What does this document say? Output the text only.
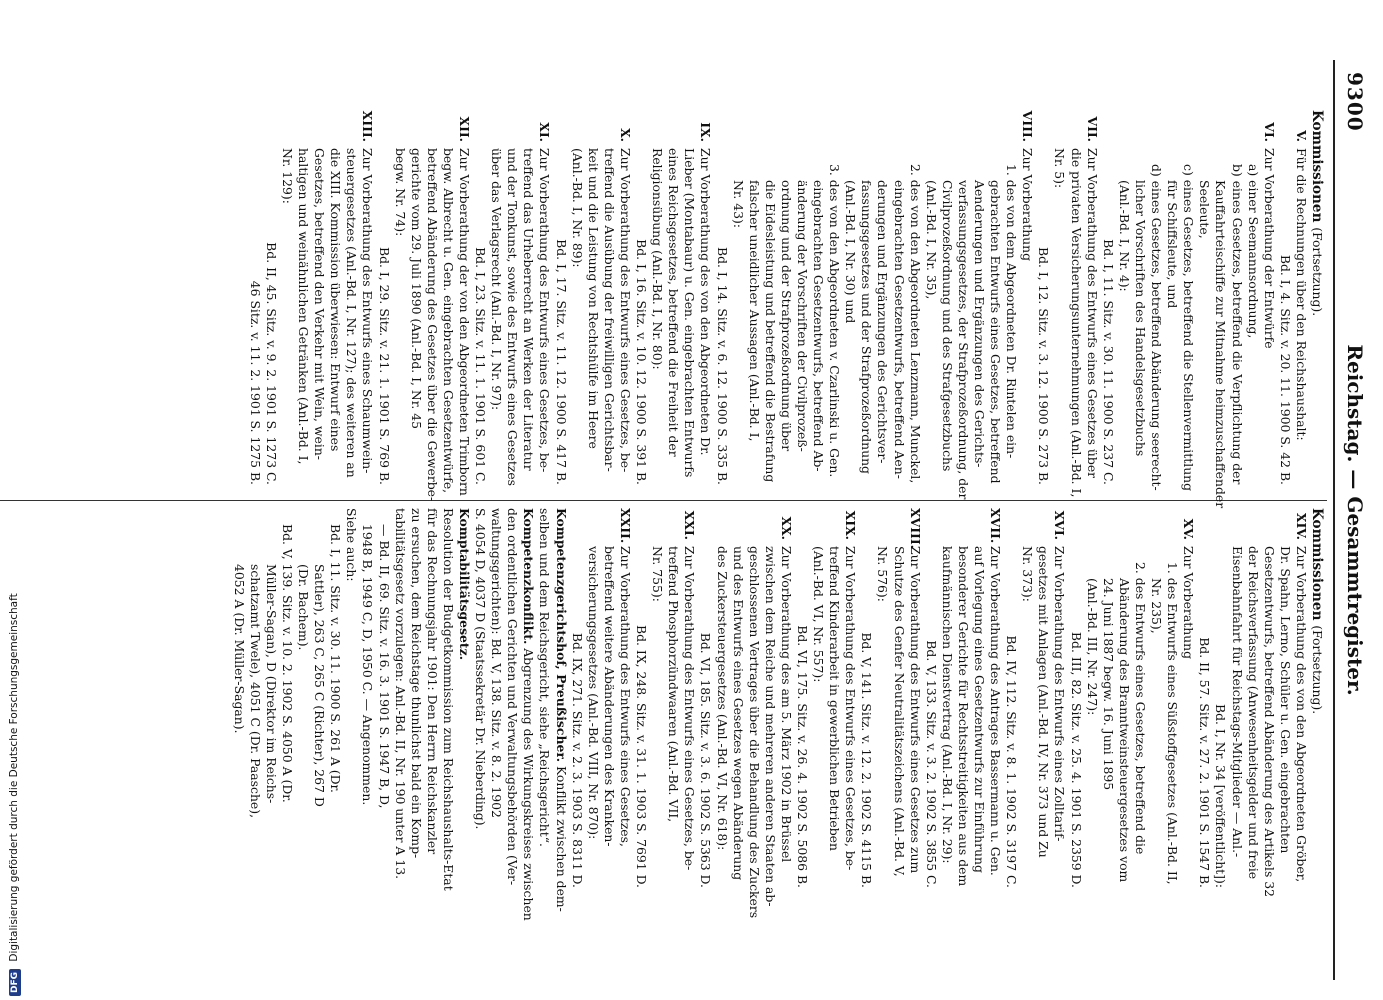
9300
Reichstag. — Gesammtregister.
Kommissionen (Fortsetzung).
V.
Für die Rechnungen über den Reichshaushalt:
Bd. I, 4. Sitz. v. 20. 11. 1900 S. 42 B.
VI.
Zur Vorberathung der Entwürfe
a) einer Seemannsordnung,
b) eines Gesetzes, betreffend die Verpflichtung der
Kauffahrteischiffe zur Mitnahme heimzuschaffender
Seeleute,
c) eines Gesetzes, betreffend die Stellenvermittlung
für Schiffsleute, und
d) eines Gesetzes, betreffend Abänderung seerecht-
licher Vorschriften des Handelsgesetzbuchs
(Anl.-Bd. I, Nr. 4):
Bd. I, 11. Sitz. v. 30. 11. 1900 S. 237 C.
VII.
Zur Vorberathung des Entwurfs eines Gesetzes über
die privaten Versicherungsunternehmungen (Anl.-Bd. I,
Nr. 5):
Bd. I, 12. Sitz. v. 3. 12. 1900 S. 273 B.
VIII.
Zur Vorberathung
1. des von dem Abgeordneten Dr. Rintelen ein-
gebrachten Entwurfs eines Gesetzes, betreffend
Aenderungen und Ergänzungen des Gerichts-
verfassungsgesetzes, der Strafprozeßordnung, der
Civilprozeßordnung und des Strafgesetzbuchs
(Anl.-Bd. I, Nr. 35),
2. des von den Abgeordneten Lenzmann, Munckel,
eingebrachten Gesetzentwurfs, betreffend Aen-
derungen und Ergänzungen des Gerichtsver-
fassungsgesetzes und der Strafprozeßordnung
(Anl.-Bd. I, Nr. 30) und
3. des von den Abgeordneten v. Czarlinski u. Gen.
eingebrachten Gesetzentwurfs, betreffend Ab-
änderung der Vorschriften der Civilprozeß-
ordnung und der Strafprozeßordnung über
die Eidesleistung und betreffend die Bestrafung
falscher uneidlicher Aussagen (Anl.-Bd. I,
Nr. 43):
Bd. I, 14. Sitz. v. 6. 12. 1900 S. 335 B.
IX.
Zur Vorberathung des von den Abgeordneten Dr.
Lieber (Montabaur) u. Gen. eingebrachten Entwurfs
eines Reichsgesetzes, betreffend die Freiheit der
Religionsübung (Anl.-Bd. I, Nr. 80):
Bd. I, 16. Sitz. v. 10. 12. 1900 S. 391 B.
X.
Zur Vorberathung des Entwurfs eines Gesetzes, be-
treffend die Ausübung der freiwilligen Gerichtsbar-
keit und die Leistung von Rechtshülfe im Heere
(Anl.-Bd. I, Nr. 89):
Bd. I, 17. Sitz. v. 11. 12. 1900 S. 417 B.
XI.
Zur Vorberathung des Entwurfs eines Gesetzes, be-
treffend das Urheberrecht an Werken der Literatur
und der Tonkunst, sowie des Entwurfs eines Gesetzes
über das Verlagsrecht (Anl.-Bd. I, Nr. 97):
Bd. I, 23. Sitz. v. 11. 1. 1901 S. 601 C.
XII.
Zur Vorberathung der von den Abgeordneten Trimborn
begw. Albrecht u. Gen. eingebrachten Gesetzentwürfe,
betreffend Abänderung des Gesetzes über die Gewerbe-
gerichte vom 29. Juli 1890 (Anl.-Bd. I, Nr. 45
begw. Nr. 74):
Bd. I, 29. Sitz. v. 21. 1. 1901 S. 769 B.
XIII.
Zur Vorberathung des Entwurfs eines Schaumwein-
steuergesetzes (Anl.-Bd. I, Nr. 127); des weiteren an
die XIII. Kommission überwiesen: Entwurf eines
Gesetzes, betreffend den Verkehr mit Wein, wein-
haltigen und weinähnlichen Getränken (Anl.-Bd. I,
Nr. 129):
Bd. II, 45. Sitz. v. 9. 2. 1901 S. 1273 C.
46 Sitz. v. 11. 2. 1901 S. 1275 B.
Kommissionen (Fortsetzung).
XIV.
Zur Vorberathung des von den Abgeordneten Gröber,
Dr. Spahn, Lerno, Schüler u. Gen. eingebrachten
Gesetzentwurfs, betreffend Abänderung des Artikels 32
der Reichsverfassung (Anwesenheitsgelder und freie
Eisenbahnfahrt für Reichstags-Mitglieder — Anl.-
Bd. I, Nr. 34 [veröffentlicht]):
Bd. II, 57. Sitz. v. 27. 2. 1901 S. 1547 B.
XV.
Zur Vorberathung
1. des Entwurfs eines Süßstoffgesetzes (Anl.-Bd. II,
Nr. 235),
2. des Entwurfs eines Gesetzes, betreffend die
Abänderung des Branntweinsteuergesetzes vom
24. Juni 1887 begw. 16. Juni 1895
(Anl.-Bd. III, Nr. 247):
Bd. III, 82. Sitz. v. 25. 4. 1901 S. 2359 D.
XVI.
Zur Vorberathung des Entwurfs eines Zolltarif-
gesetzes mit Anlagen (Anl.-Bd. IV, Nr. 373 und Zu
Nr. 373):
Bd. IV, 112. Sitz. v. 8. 1. 1902 S. 3197 C.
XVII.
Zur Vorberathung des Antrages Bassermann u. Gen.
auf Vorlegung eines Gesetzentwurfs zur Einführung
besonderer Gerichte für Rechtsstreitigkeiten aus dem
kaufmännischen Dienstvertrag (Anl.-Bd. I, Nr. 29):
Bd. V, 133. Sitz. v. 3. 2. 1902 S. 3855 C.
XVIII.
Zur Vorberathung des Entwurfs eines Gesetzes zum
Schutze des Genfer Neutralitätszeichens (Anl.-Bd. V,
Nr. 576):
Bd. V, 141. Sitz. v. 12. 2. 1902 S. 4115 B.
XIX.
Zur Vorberathung des Entwurfs eines Gesetzes, be-
treffend Kinderarbeit in gewerblichen Betrieben
(Anl.-Bd. VI, Nr. 557):
Bd. VI, 175. Sitz. v. 26. 4. 1902 S. 5086 B.
XX.
Zur Vorberathung des am 5. März 1902 in Brüssel
zwischen dem Reiche und mehreren anderen Staaten ab-
geschlossenen Vertrages über die Behandlung des Zuckers
und des Entwurfs eines Gesetzes wegen Abänderung
des Zuckersteuergesetzes (Anl.-Bd. VI, Nr. 618):
Bd. VI, 185. Sitz. v. 3. 6. 1902 S. 5363 D.
XXI.
Zur Vorberathung des Entwurfs eines Gesetzes, be-
treffend Phosphorzündwaaren (Anl.-Bd. VII,
Nr. 755):
Bd. IX, 248. Sitz. v. 31. 1. 1903 S. 7691 D.
XXII.
Zur Vorberathung des Entwurfs eines Gesetzes,
betreffend weitere Abänderungen des Kranken-
versicherungsgesetzes (Anl.-Bd. VIII, Nr. 870):
Bd. IX, 271. Sitz. v. 2. 3. 1903 S. 8311 D.
Kompetenzgerichtshof, Preußischer. Konflikt zwischen dem-
selben und dem Reichsgericht, siehe „Reichsgericht“.
Kompetenzkonflikt. Abgrenzung des Wirkungskreises zwischen
den ordentlichen Gerichten und Verwaltungsbehörden (Ver-
waltungsgerichten): Bd. V, 138. Sitz. v. 8. 2. 1902
S. 4054 D, 4037 D (Staatssekretär Dr. Nieberding).
Komptabilitätsgesetz.
Resolution der Budgetkommission zum Reichshaushalts-Etat
für das Rechnungsjahr 1901: Den Herrn Reichskanzler
zu ersuchen, dem Reichstage thunlichst bald ein Komp-
tabilitätsgesetz vorzulegen: Anl.-Bd. II, Nr. 190 unter A 13.
— Bd. II, 69. Sitz. v. 16. 3. 1901 S. 1947 B, D,
1948 B, 1949 C, D, 1950 C. — Angenommen.
Siehe auch:
Bd. I, 11. Sitz. v. 30. 11. 1900 S. 261 A (Dr.
Sattler), 263 C, 265 C (Richter), 267 D
(Dr. Bachem).
Bd. V, 139. Sitz. v. 10. 2. 1902 S. 4050 A (Dr.
Müller-Sagan), D (Direktor im Reichs-
schatzamt Twele), 4051 C (Dr. Paasche),
4052 A (Dr. Müller-Sagan).
DFG Digitalisierung gefördert durch die Deutsche Forschungsgemeinschaft
